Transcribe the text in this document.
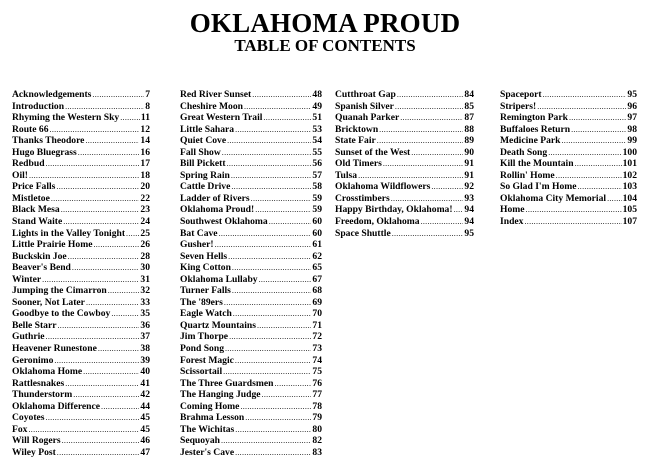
OKLAHOMA PROUD
TABLE OF CONTENTS
Acknowledgements .....	7
Introduction .....	8
Rhyming the Western Sky ..... 11
Route 66 .....	12
Thanks Theodore .....	14
Hugo Bluegrass .....	16
Redbud .....	17
Oil! .....	18
Price Falls .....	20
Mistletoe .....	22
Black Mesa .....	23
Stand Waite .....	24
Lights in the Valley Tonight ..... 25
Little Prairie Home .....	26
Buckskin Joe .....	28
Beaver's Bend .....	30
Winter .....	31
Jumping the Cimarron .....	32
Sooner, Not Later .....	33
Goodbye to the Cowboy .....	35
Belle Starr .....	36
Guthrie .....	37
Heavener Runestone .....	38
Geronimo .....	39
Oklahoma Home .....	40
Rattlesnakes .....	41
Thunderstorm .....	42
Oklahoma Difference .....	44
Coyotes .....	45
Fox .....	45
Will Rogers .....	46
Wiley Post .....	47
Red River Sunset .....	48
Cheshire Moon .....	49
Great Western Trail .....	51
Little Sahara .....	53
Quiet Cove .....	54
Fall Show .....	55
Bill Pickett .....	56
Spring Rain .....	57
Cattle Drive .....	58
Ladder of Rivers .....	59
Oklahoma Proud! .....	59
Southwest Oklahoma .....	60
Bat Cave .....	60
Gusher! .....	61
Seven Hells .....	62
King Cotton .....	65
Oklahoma Lullaby .....	67
Turner Falls .....	68
The '89ers .....	69
Eagle Watch .....	70
Quartz Mountains .....	71
Jim Thorpe .....	72
Pond Song .....	73
Forest Magic .....	74
Scissortail .....	75
The Three Guardsmen .....	76
The Hanging Judge .....	77
Coming Home .....	78
Brahma Lesson .....	79
The Wichitas .....	80
Sequoyah .....	82
Jester's Cave .....	83
Cutthroat Gap .....	84
Spanish Silver .....	85
Quanah Parker .....	87
Bricktown .....	88
State Fair .....	89
Sunset of the West .....	90
Old Timers .....	91
Tulsa .....	91
Oklahoma Wildflowers .....	92
Crosstimbers .....	93
Happy Birthday, Oklahoma! ..... 94
Freedom, Oklahoma .....	94
Space Shuttle .....	95
Spaceport .....	95
Stripers! .....	96
Remington Park .....	97
Buffaloes Return .....	98
Medicine Park .....	99
Death Song .....	100
Kill the Mountain .....	101
Rollin' Home .....	102
So Glad I'm Home .....	103
Oklahoma City Memorial ..... 104
Home .....	105
Index .....	107
